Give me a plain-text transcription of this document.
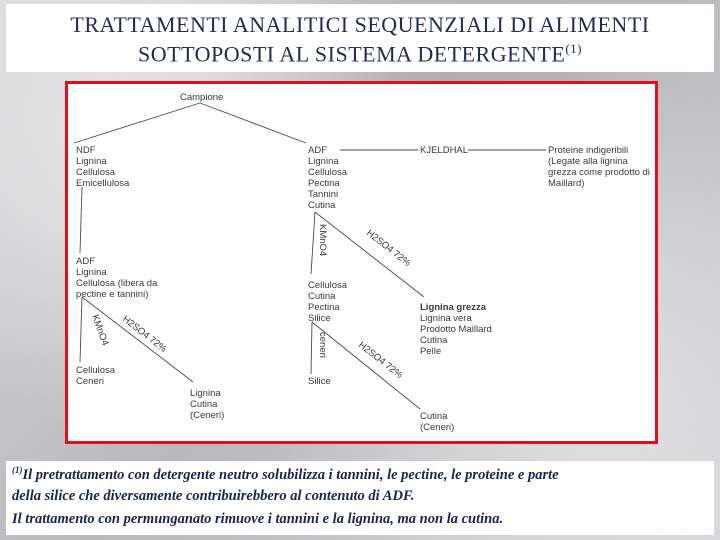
TRATTAMENTI ANALITICI SEQUENZIALI DI ALIMENTI
SOTTOPOSTI AL SISTEMA DETERGENTE$^{(1)}$
Campione
NDF
Lignina
Cellulosa
Emicellulosa
ADF
Lignina
Cellulosa
Pectina
Tannini
Cutina
KJELDHAL	Proteine indigeribili
(Legate alla lignina
grezza come prodotto di
Maillard)
KMnO4	H2SO4 72%
ADF
Lignina
Cellulosa (libera da
pectine e tannini)
KMnO4 H2SO4 72%
Cellulosa
Ceneri
Lignina
Cutina
(Ceneri)
Cellulosa
Cutina
Pectina
Silice
Lignina grezza
Lignina vera
Prodotto Maillard
Cutina
Pelle
ceneri	H2SO4 72%
Silice
Cutina
(Ceneri)
$^{(1)}$Il pretrattamento con detergente neutro solubilizza i tannini, le pectine, le proteine e parte
della silice che diversamente contribuirebbero al contenuto di ADF.
Il trattamento con permunganato rimuove i tannini e la lignina, ma non la cutina.
